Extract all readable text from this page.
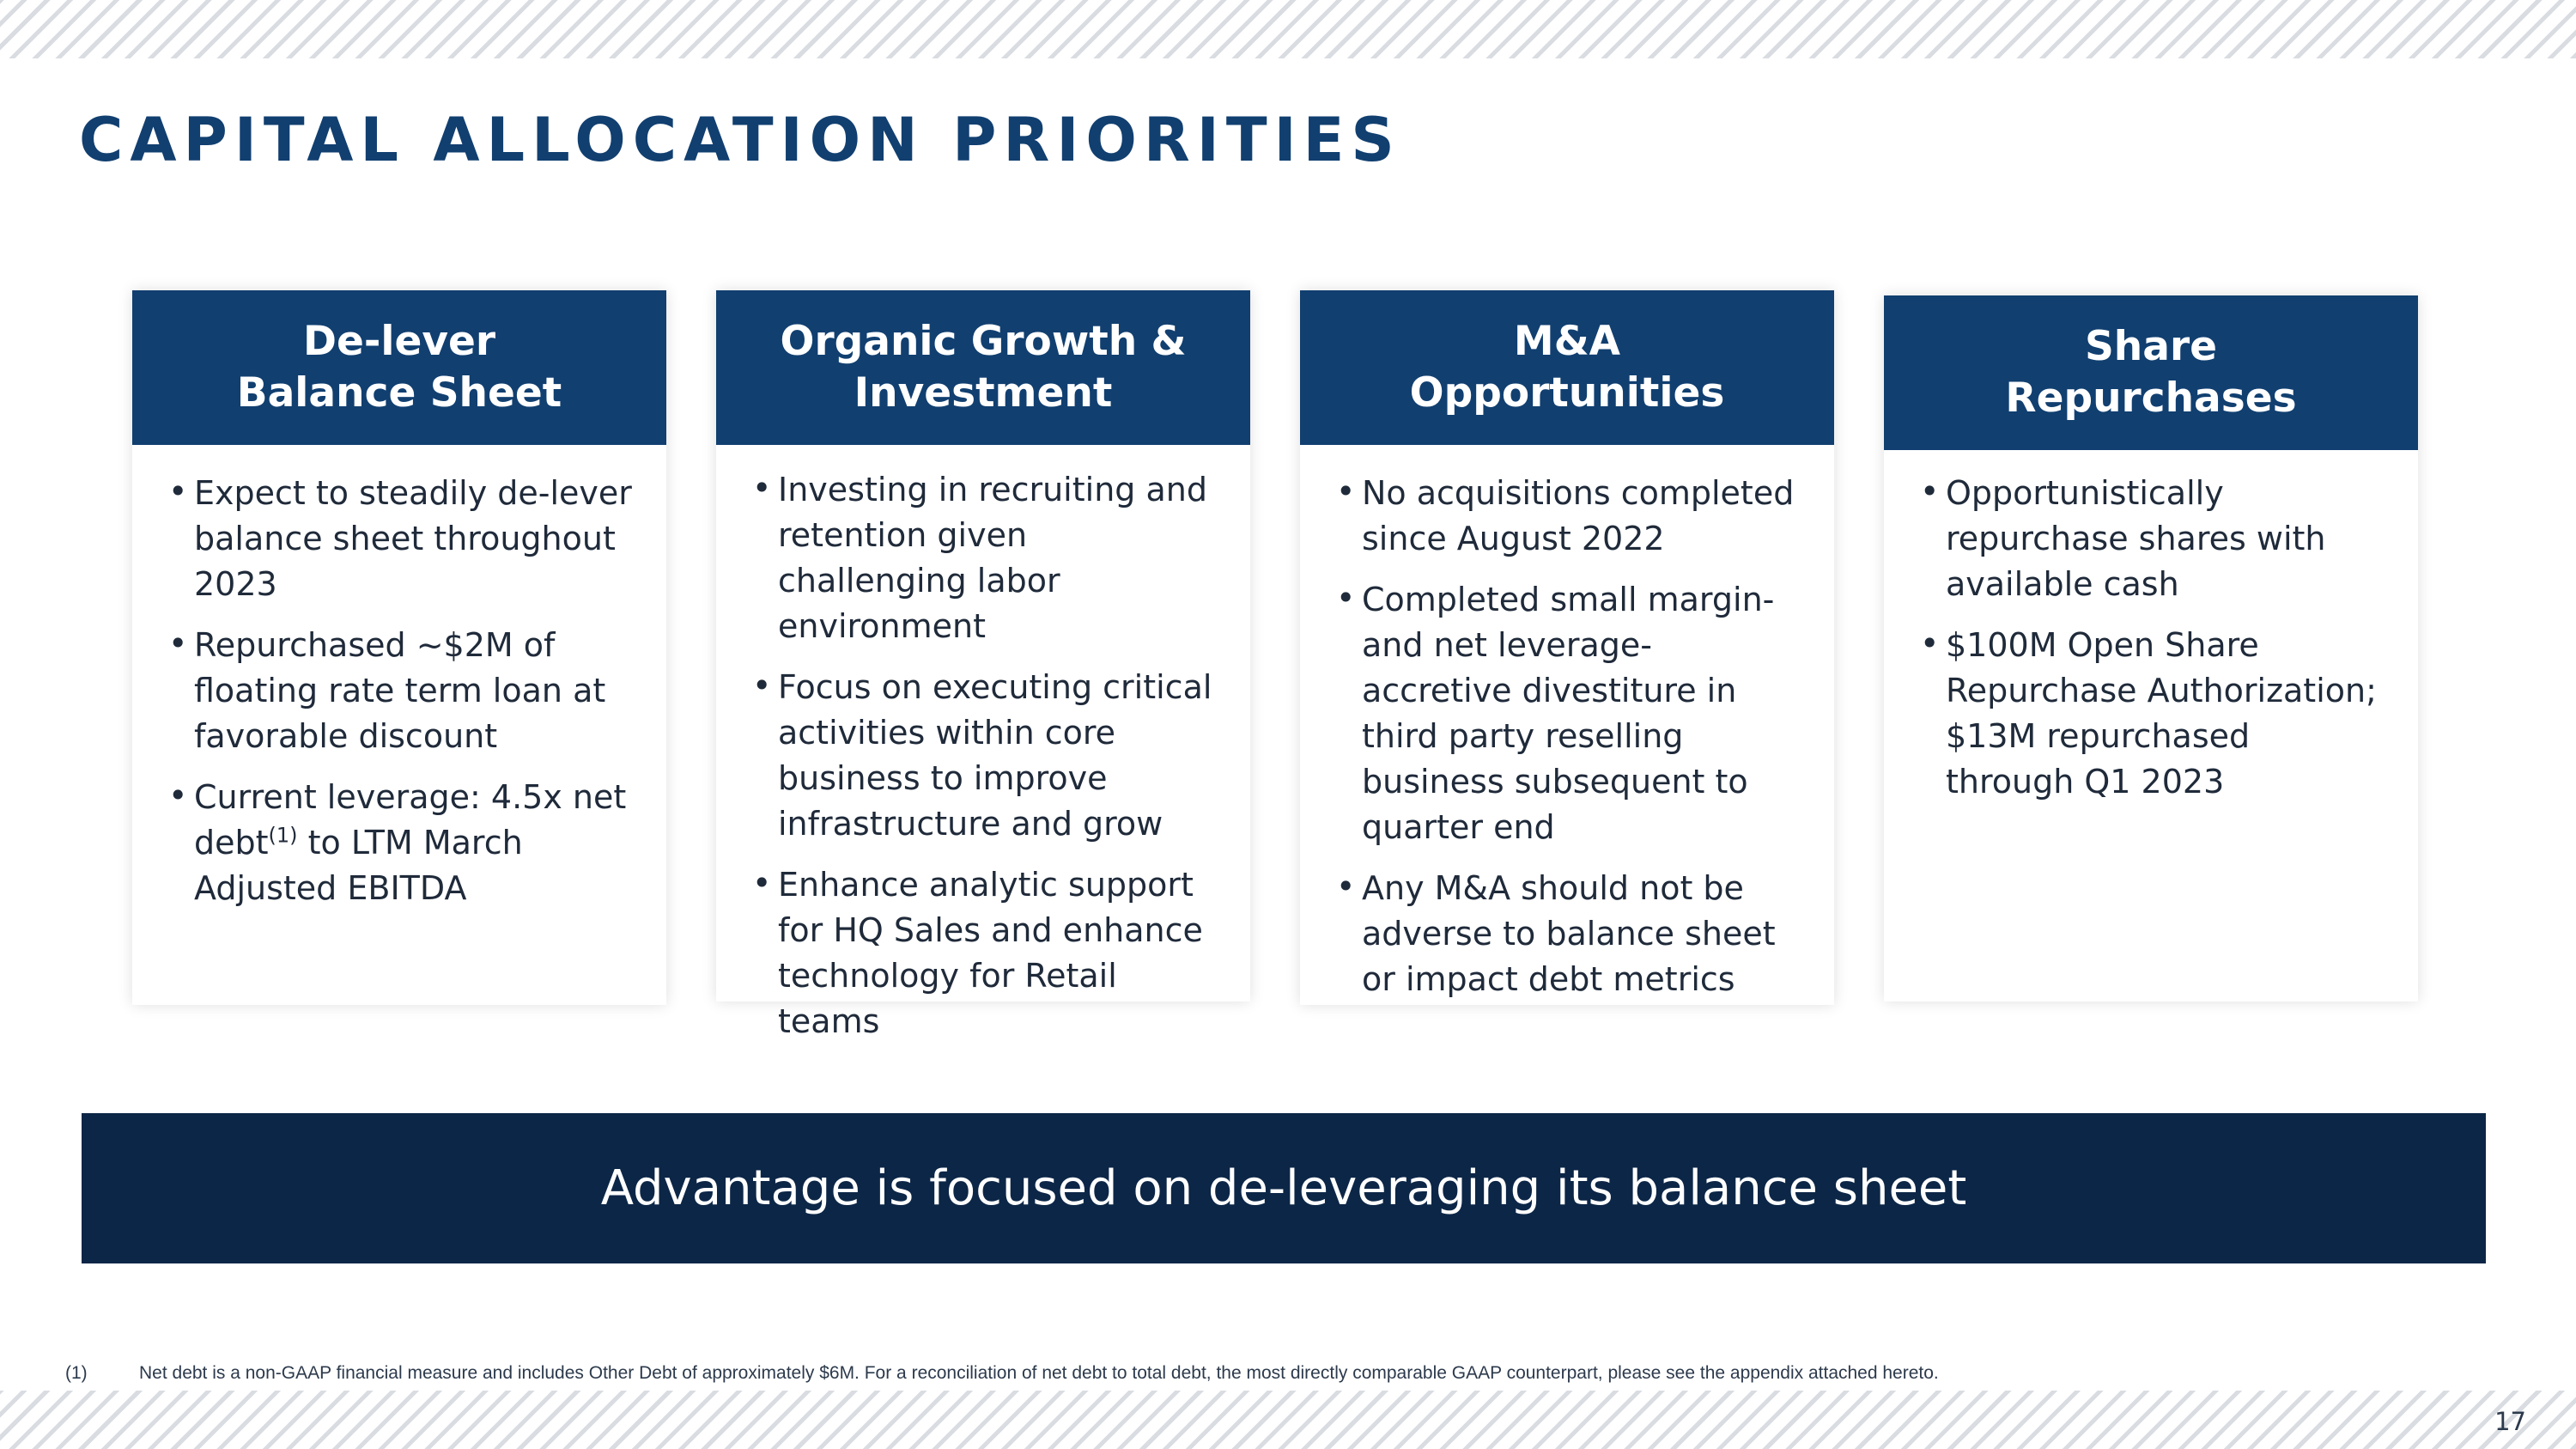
CAPITAL ALLOCATION PRIORITIES
De-lever
Balance Sheet
• Expect to steadily de-lever balance sheet throughout 2023
• Repurchased ~$2M of floating rate term loan at favorable discount
• Current leverage: 4.5x net debt$^{(1)}$ to LTM March Adjusted EBITDA
Organic Growth &
Investment
• Investing in recruiting and retention given challenging labor environment
• Focus on executing critical activities within core business to improve infrastructure and grow
• Enhance analytic support for HQ Sales and enhance technology for Retail teams
M&A
Opportunities
• No acquisitions completed since August 2022
• Completed small margin- and net leverage-accretive divestiture in third party reselling business subsequent to quarter end
• Any M&A should not be adverse to balance sheet or impact debt metrics
Share
Repurchases
• Opportunistically repurchase shares with available cash
• $100M Open Share Repurchase Authorization; $13M repurchased through Q1 2023
Advantage is focused on de-leveraging its balance sheet
(1)	Net debt is a non-GAAP financial measure and includes Other Debt of approximately $6M. For a reconciliation of net debt to total debt, the most directly comparable GAAP counterpart, please see the appendix attached hereto.
17
